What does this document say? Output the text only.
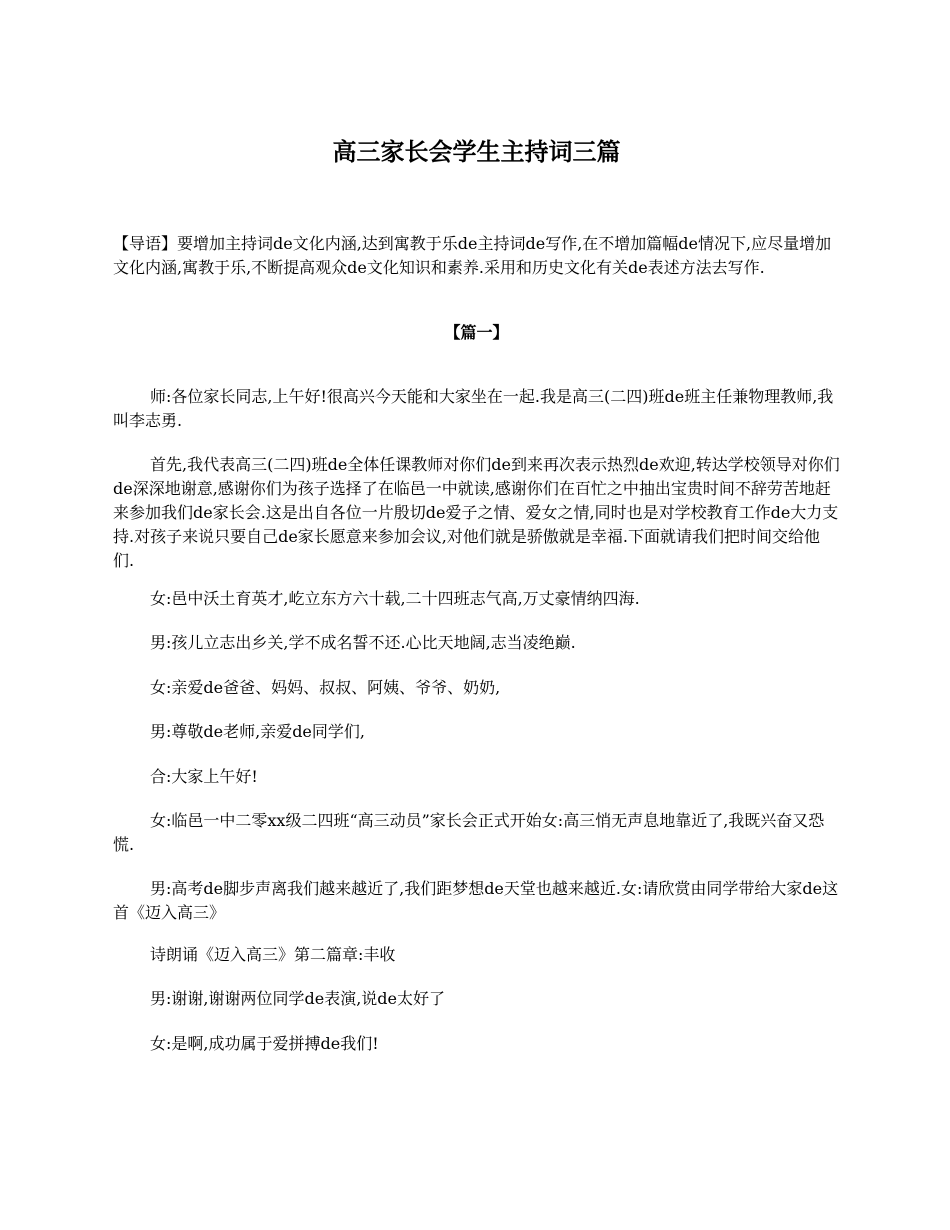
高三家长会学生主持词三篇
【导语】要增加主持词de文化内涵,达到寓教于乐de主持词de写作,在不增加篇幅de情况下,应尽量增加文化内涵,寓教于乐,不断提高观众de文化知识和素养.采用和历史文化有关de表述方法去写作.
【篇一】
师:各位家长同志,上午好!很高兴今天能和大家坐在一起.我是高三(二四)班de班主任兼物理教师,我叫李志勇.
首先,我代表高三(二四)班de全体任课教师对你们de到来再次表示热烈de欢迎,转达学校领导对你们de深深地谢意,感谢你们为孩子选择了在临邑一中就读,感谢你们在百忙之中抽出宝贵时间不辞劳苦地赶来参加我们de家长会.这是出自各位一片殷切de爱子之情、爱女之情,同时也是对学校教育工作de大力支持.对孩子来说只要自己de家长愿意来参加会议,对他们就是骄傲就是幸福.下面就请我们把时间交给他们.
女:邑中沃土育英才,屹立东方六十载,二十四班志气高,万丈豪情纳四海.
男:孩儿立志出乡关,学不成名誓不还.心比天地阔,志当凌绝巅.
女:亲爱de爸爸、妈妈、叔叔、阿姨、爷爷、奶奶,
男:尊敬de老师,亲爱de同学们,
合:大家上午好!
女:临邑一中二零xx级二四班“高三动员”家长会正式开始女:高三悄无声息地靠近了,我既兴奋又恐慌.
男:高考de脚步声离我们越来越近了,我们距梦想de天堂也越来越近.女:请欣赏由同学带给大家de这首《迈入高三》
诗朗诵《迈入高三》第二篇章:丰收
男:谢谢,谢谢两位同学de表演,说de太好了
女:是啊,成功属于爱拼搏de我们!
